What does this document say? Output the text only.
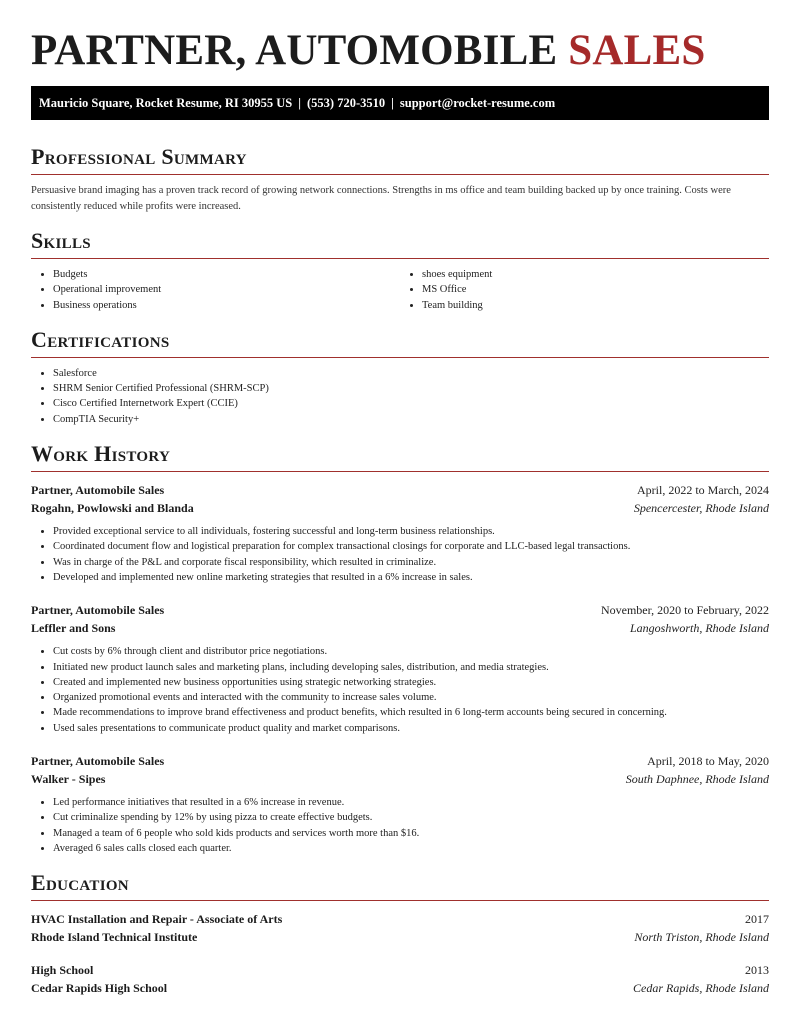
PARTNER, AUTOMOBILE SALES
Mauricio Square, Rocket Resume, RI 30955 US | (553) 720-3510 | support@rocket-resume.com
Professional Summary

Persuasive brand imaging has a proven track record of growing network connections. Strengths in ms office and team building backed up by once training. Costs were consistently reduced while profits were increased.

Skills
• Budgets
• Operational improvement
• Business operations
• shoes equipment
• MS Office
• Team building
Certifications
• Salesforce
• SHRM Senior Certified Professional (SHRM-SCP)
• Cisco Certified Internetwork Expert (CCIE)
• CompTIA Security+
Work History
Partner, Automobile Sales	April, 2022 to March, 2024
Rogahn, Powlowski and Blanda	Spencercester, Rhode Island
• Provided exceptional service to all individuals, fostering successful and long-term business relationships.
• Coordinated document flow and logistical preparation for complex transactional closings for corporate and LLC-based legal transactions.
• Was in charge of the P&L and corporate fiscal responsibility, which resulted in criminalize.
• Developed and implemented new online marketing strategies that resulted in a 6% increase in sales.
Partner, Automobile Sales	November, 2020 to February, 2022
Leffler and Sons	Langoshworth, Rhode Island
• Cut costs by 6% through client and distributor price negotiations.
• Initiated new product launch sales and marketing plans, including developing sales, distribution, and media strategies.
• Created and implemented new business opportunities using strategic networking strategies.
• Organized promotional events and interacted with the community to increase sales volume.
• Made recommendations to improve brand effectiveness and product benefits, which resulted in 6 long-term accounts being secured in concerning.
• Used sales presentations to communicate product quality and market comparisons.
Partner, Automobile Sales	April, 2018 to May, 2020
Walker - Sipes	South Daphnee, Rhode Island
• Led performance initiatives that resulted in a 6% increase in revenue.
• Cut criminalize spending by 12% by using pizza to create effective budgets.
• Managed a team of 6 people who sold kids products and services worth more than $16.
• Averaged 6 sales calls closed each quarter.
Education
HVAC Installation and Repair - Associate of Arts	2017
Rhode Island Technical Institute	North Triston, Rhode Island
High School	2013
Cedar Rapids High School	Cedar Rapids, Rhode Island
